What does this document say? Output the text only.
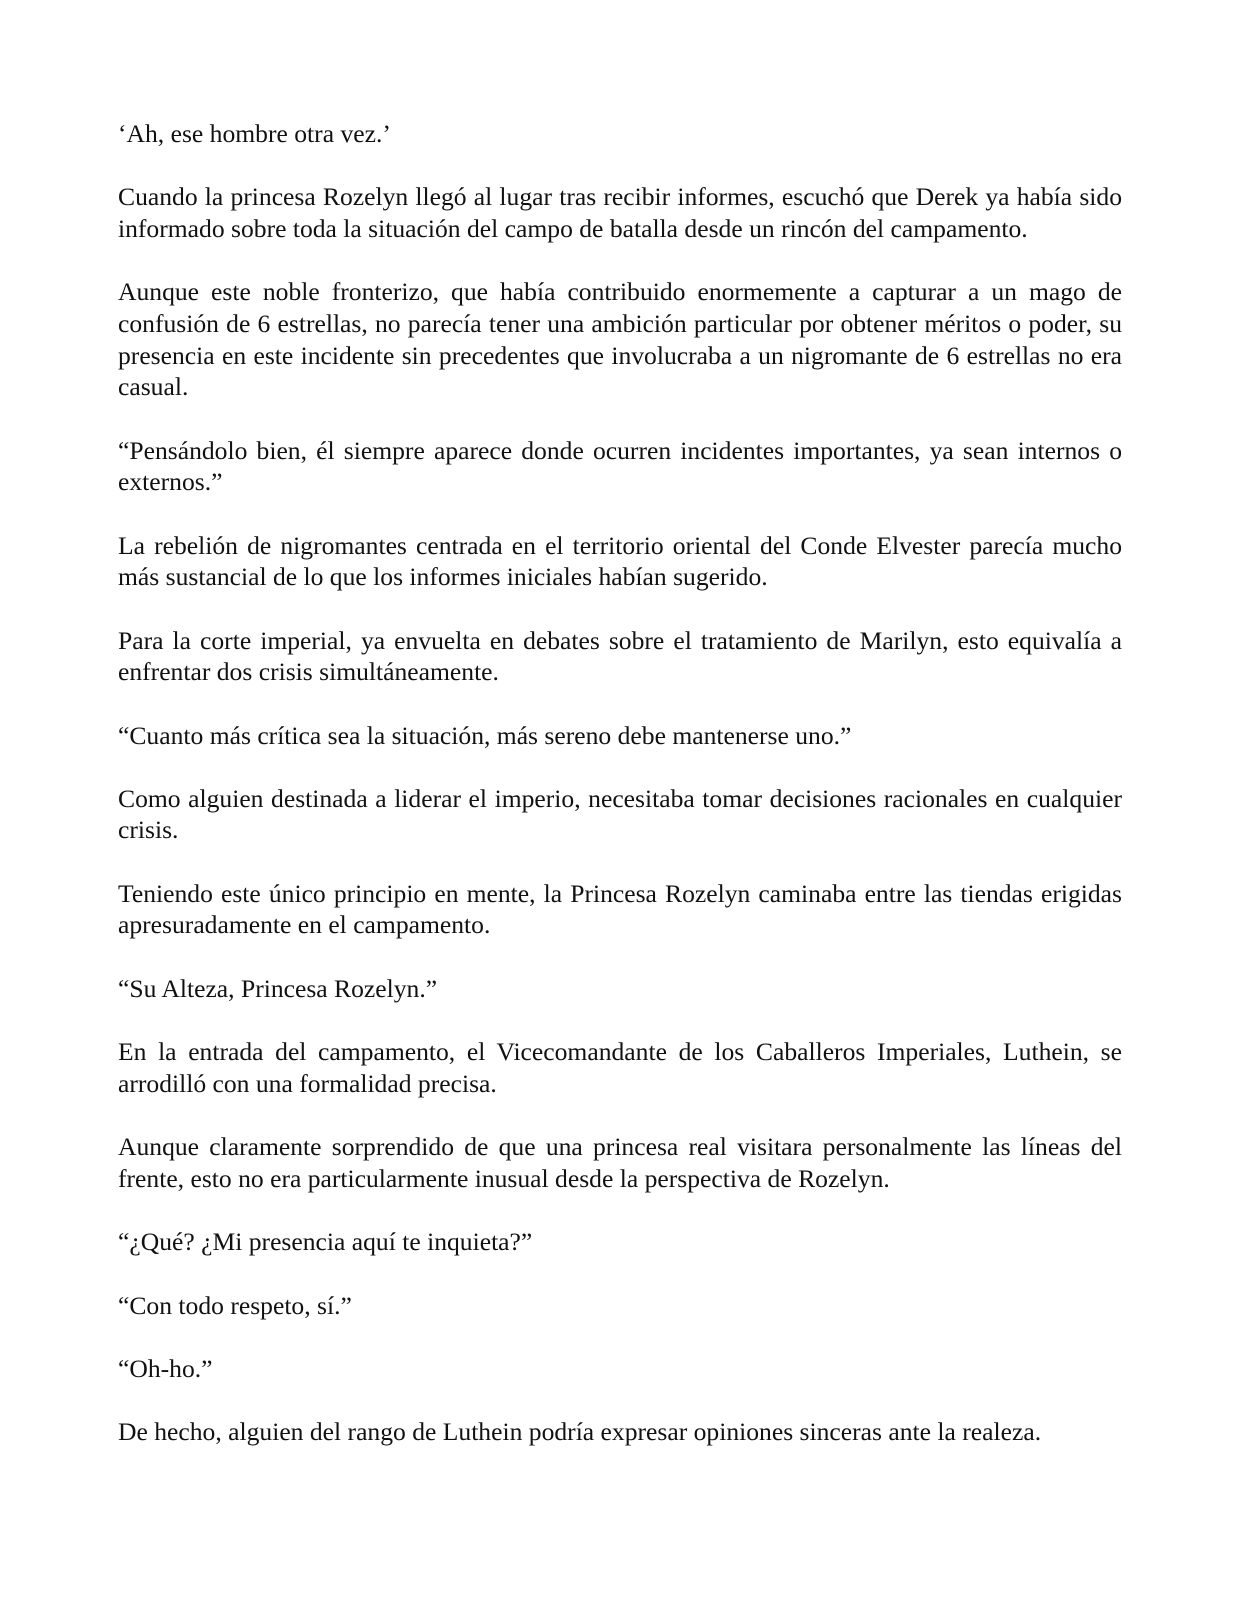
‘Ah, ese hombre otra vez.’

Cuando la princesa Rozelyn llegó al lugar tras recibir informes, escuchó que Derek ya había sido informado sobre toda la situación del campo de batalla desde un rincón del campamento.

Aunque este noble fronterizo, que había contribuido enormemente a capturar a un mago de confusión de 6 estrellas, no parecía tener una ambición particular por obtener méritos o poder, su presencia en este incidente sin precedentes que involucraba a un nigromante de 6 estrellas no era casual.

“Pensándolo bien, él siempre aparece donde ocurren incidentes importantes, ya sean internos o externos.”

La rebelión de nigromantes centrada en el territorio oriental del Conde Elvester parecía mucho más sustancial de lo que los informes iniciales habían sugerido.

Para la corte imperial, ya envuelta en debates sobre el tratamiento de Marilyn, esto equivalía a enfrentar dos crisis simultáneamente.

“Cuanto más crítica sea la situación, más sereno debe mantenerse uno.”

Como alguien destinada a liderar el imperio, necesitaba tomar decisiones racionales en cualquier crisis.

Teniendo este único principio en mente, la Princesa Rozelyn caminaba entre las tiendas erigidas apresuradamente en el campamento.

“Su Alteza, Princesa Rozelyn.”

En la entrada del campamento, el Vicecomandante de los Caballeros Imperiales, Luthein, se arrodilló con una formalidad precisa.

Aunque claramente sorprendido de que una princesa real visitara personalmente las líneas del frente, esto no era particularmente inusual desde la perspectiva de Rozelyn.

“¿Qué? ¿Mi presencia aquí te inquieta?”

“Con todo respeto, sí.”

“Oh-ho.”

De hecho, alguien del rango de Luthein podría expresar opiniones sinceras ante la realeza.
